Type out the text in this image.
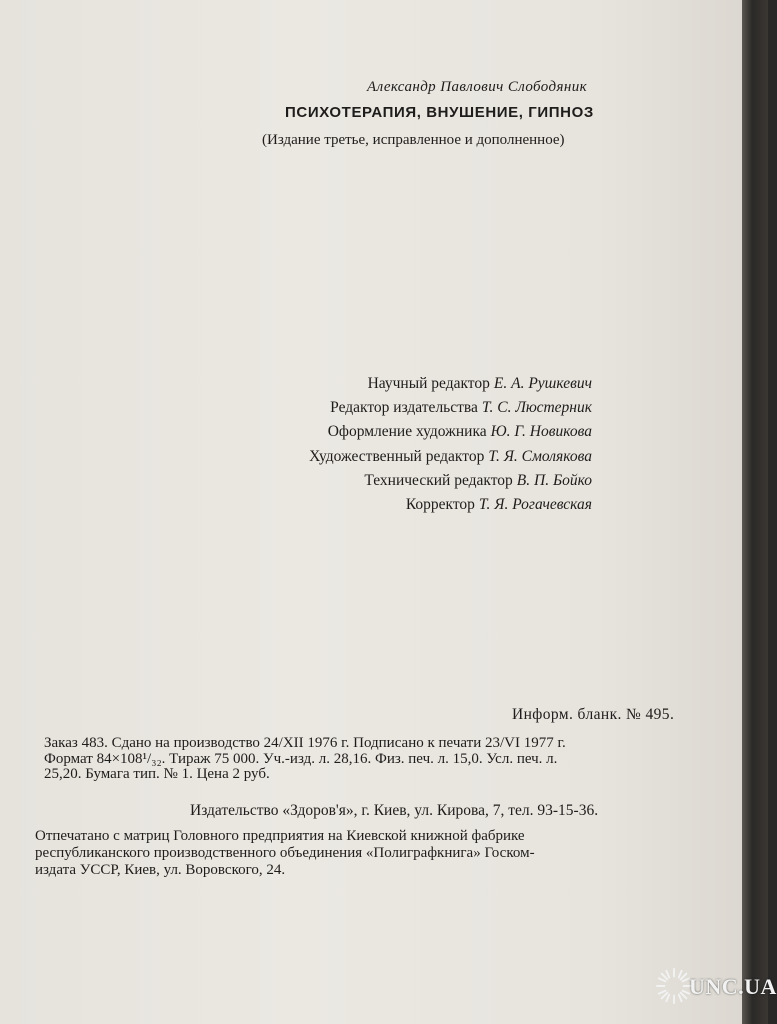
Александр Павлович Слободяник
ПСИХОТЕРАПИЯ, ВНУШЕНИЕ, ГИПНОЗ
(Издание третье, исправленное и дополненное)
Научный редактор Е. А. Рушкевич
Редактор издательства Т. С. Люстерник
Оформление художника Ю. Г. Новикова
Художественный редактор Т. Я. Смолякова
Технический редактор В. П. Бойко
Корректор Т. Я. Рогачевская
Информ. бланк. № 495.
Заказ 483. Сдано на производство 24/XII 1976 г. Подписано к печати 23/VI 1977 г.
Формат 84×108¹/₃₂. Тираж 75 000. Уч.-изд. л. 28,16. Физ. печ. л. 15,0. Усл. печ. л.
25,20. Бумага тип. № 1. Цена 2 руб.
Издательство «Здоров'я», г. Киев, ул. Кирова, 7, тел. 93-15-36.
Отпечатано с матриц Головного предприятия на Киевской книжной фабрике
республиканского производственного объединения «Полиграфкнига» Госком-
издата УССР, Киев, ул. Воровского, 24.
UNC.UA
